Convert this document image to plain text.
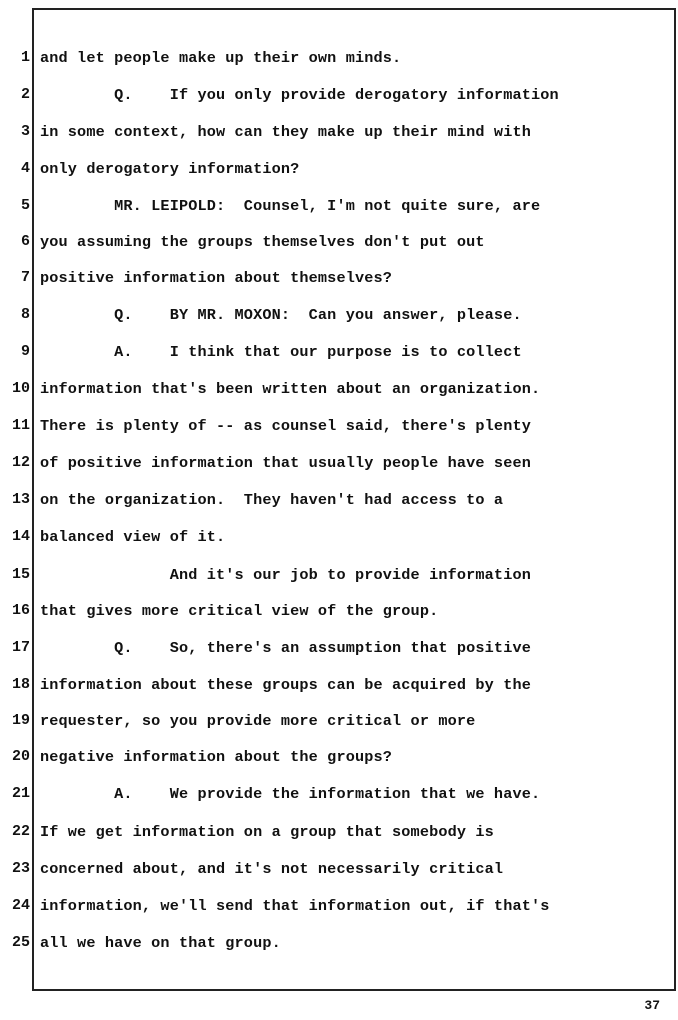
1
2
3
4
5
6
7
8
9
10
11
12
13
14
15
16
17
18
19
20
21
22
23
24
25
and let people make up their own minds.
Q.    If you only provide derogatory information
in some context, how can they make up their mind with
only derogatory information?
MR. LEIPOLD:  Counsel, I'm not quite sure, are
you assuming the groups themselves don't put out
positive information about themselves?
Q.    BY MR. MOXON:  Can you answer, please.
A.    I think that our purpose is to collect
information that's been written about an organization.
There is plenty of -- as counsel said, there's plenty
of positive information that usually people have seen
on the organization.  They haven't had access to a
balanced view of it.
And it's our job to provide information
that gives more critical view of the group.
Q.    So, there's an assumption that positive
information about these groups can be acquired by the
requester, so you provide more critical or more
negative information about the groups?
A.    We provide the information that we have.
If we get information on a group that somebody is
concerned about, and it's not necessarily critical
information, we'll send that information out, if that's
all we have on that group.
37
